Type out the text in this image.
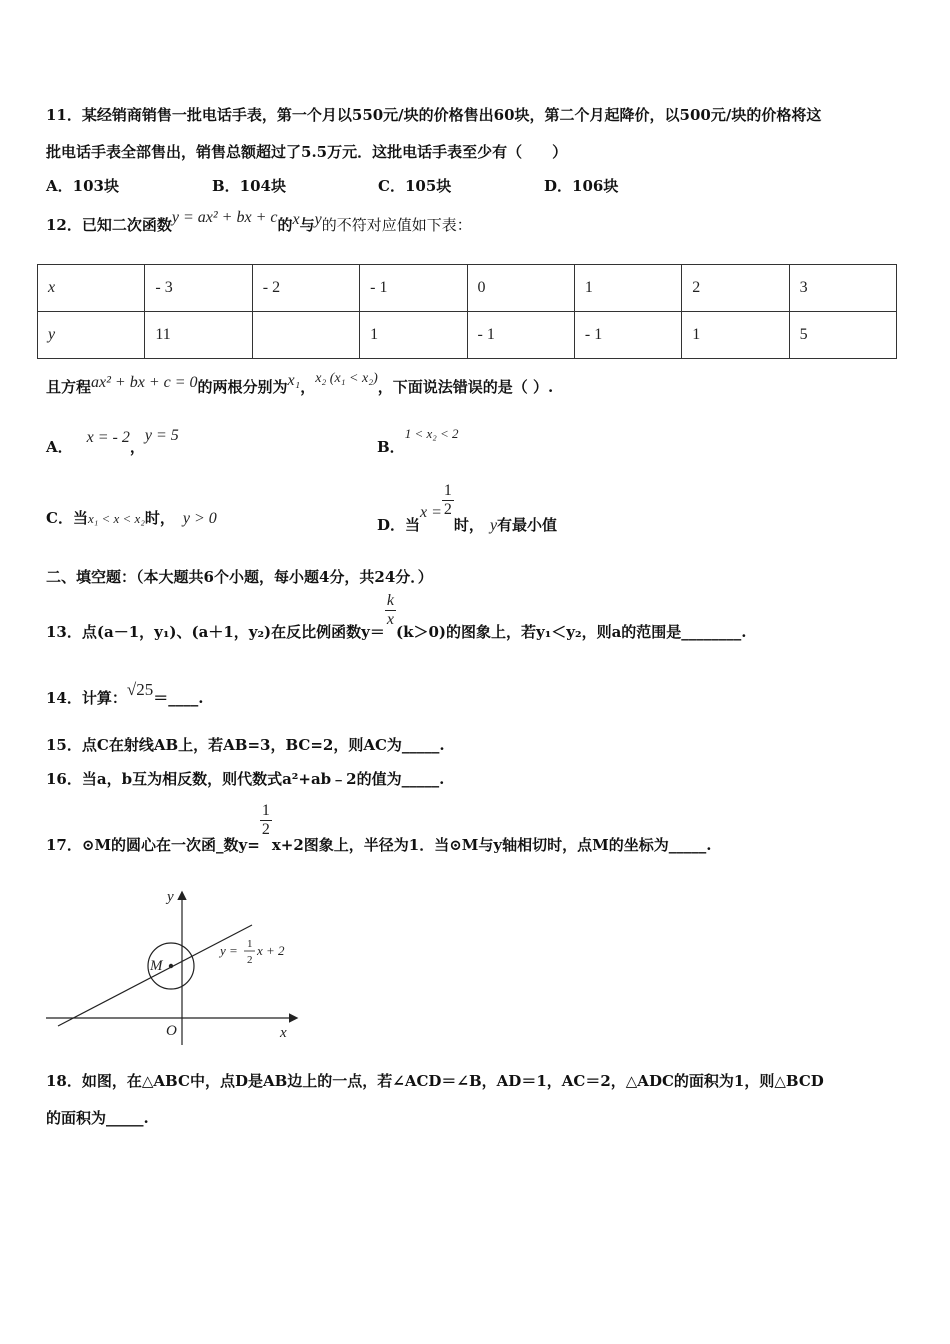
11．某经销商销售一批电话手表，第一个月以550元/块的价格售出60块，第二个月起降价，以500元/块的价格将这
批电话手表全部售出，销售总额超过了5.5万元．这批电话手表至少有（　　）
A．103块	B．104块	C．105块	D．106块
12．已知二次函数y = ax² + bx + c的x与y的不符对应值如下表：
x	- 3	- 2	- 1	0	1	2	3
y	11		1	- 1	- 1	1	5
且方程ax² + bx + c = 0的两根分别为x₁，x₂ (x₁ < x₂)，下面说法错误的是（ ）.
A．x = - 2，y = 5
B．1 < x₂ < 2
C．当x₁ < x < x₂时， y > 0	D．当$x = \frac{1}{2}$
时， y有最小值
二、填空题：（本大题共6个小题，每小题4分，共24分．）
13．点(a－1，y₁)、(a＋1，y₂)在反比例函数y＝
$\frac{k}{x}$
(k＞0)的图象上，若y₁＜y₂，则a的范围是________.
14．计算：√25＝____.
15．点C在射线AB上，若AB=3，BC=2，则AC为_____.
16．当a，b互为相反数，则代数式a²+ab﹣2的值为_____.
17．⊙M的圆心在一次函_数y=
$\frac{1}{2}$
x+2图象上，半径为1．当⊙M与y轴相切时，点M的坐标为_____.
y
x
O
M
y = 1
2
x + 2
18．如图，在△ABC中，点D是AB边上的一点，若∠ACD＝∠B，AD＝1，AC＝2，△ADC的面积为1，则△BCD
的面积为_____.
